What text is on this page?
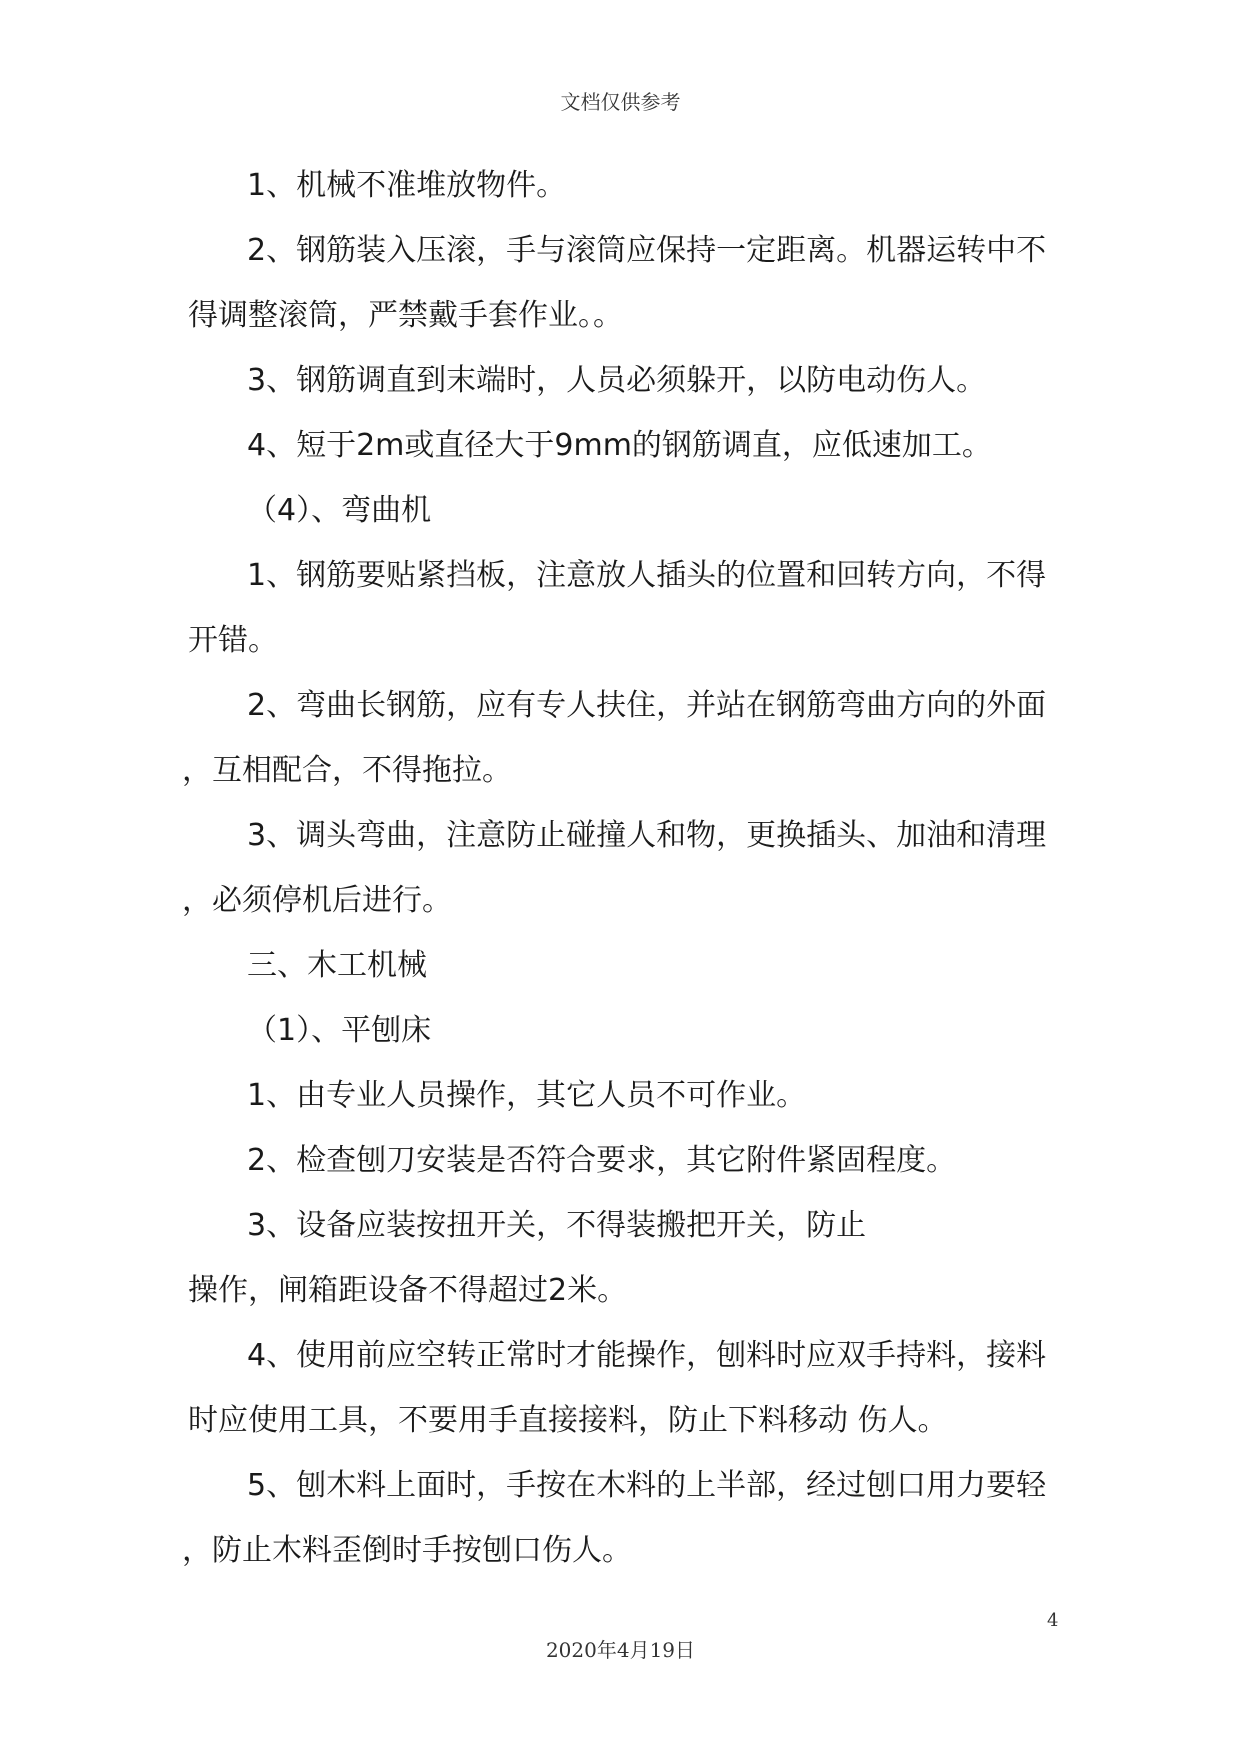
文档仅供参考
1、机械不准堆放物件。
2、钢筋装入压滚，手与滚筒应保持一定距离。机器运转中不
得调整滚筒，严禁戴手套作业。。
3、钢筋调直到末端时，人员必须躲开，以防电动伤人。
4、短于2m或直径大于9mm的钢筋调直，应低速加工。
（4）、弯曲机
1、钢筋要贴紧挡板，注意放人插头的位置和回转方向，不得
开错。
2、弯曲长钢筋，应有专人扶住，并站在钢筋弯曲方向的外面
，互相配合，不得拖拉。
3、调头弯曲，注意防止碰撞人和物，更换插头、加油和清理
，必须停机后进行。
三、木工机械
（1）、平刨床
1、由专业人员操作，其它人员不可作业。
2、检查刨刀安装是否符合要求，其它附件紧固程度。
3、设备应装按扭开关，不得装搬把开关，防止
操作，闸箱距设备不得超过2米。
4、使用前应空转正常时才能操作，刨料时应双手持料，接料
时应使用工具，不要用手直接接料，防止下料移动 伤人。
5、刨木料上面时，手按在木料的上半部，经过刨口用力要轻
，防止木料歪倒时手按刨口伤人。
4
2020年4月19日
